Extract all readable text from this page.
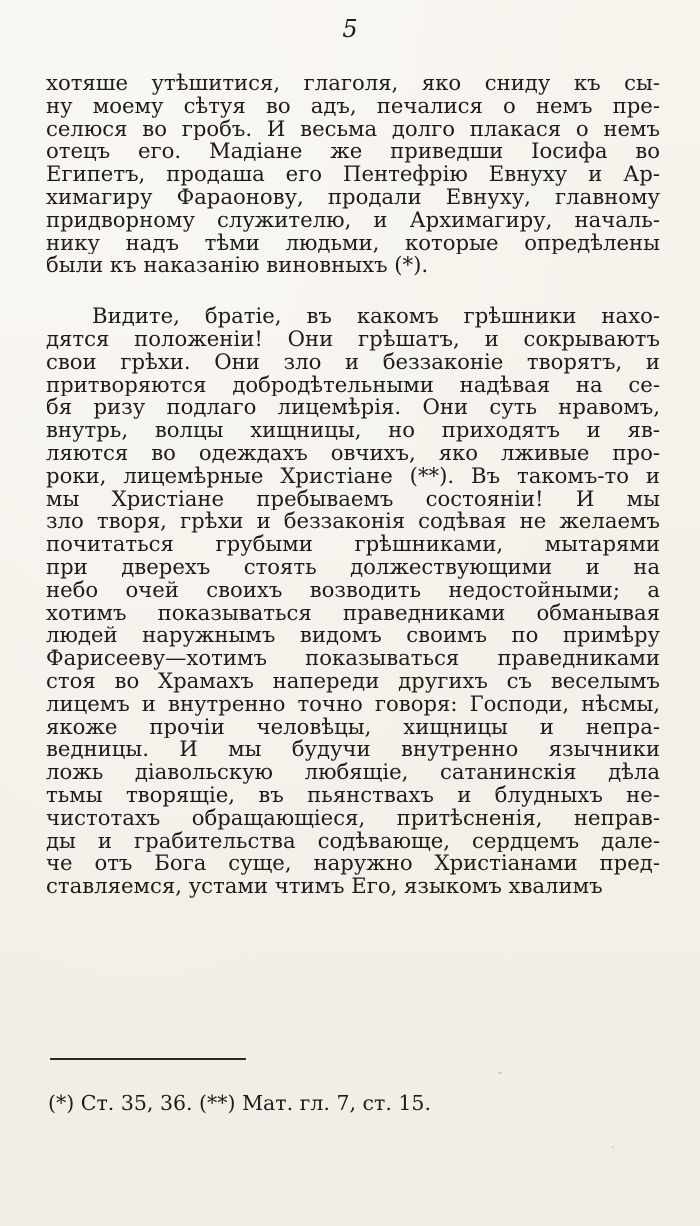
5
хотяше утѣшитися, глаголя, яко сниду къ сы-
ну моему сѣтуя во адъ, печалися о немъ пре-
селюся во гробъ. И весьма долго плакася о немъ
отецъ его. Мадіане же приведши Іосифа во
Египетъ, продаша его Пентефрію Евнуху и Ар-
химагиру Фараонову, продали Евнуху, главному
придворному служителю, и Архимагиру, началь-
нику надъ тѣми людьми, которые опредѣлены
были къ наказанію виновныхъ (*).
Видите, братіе, въ какомъ грѣшники нахо-
дятся положеніи! Они грѣшатъ, и сокрываютъ
свои грѣхи. Они зло и беззаконіе творятъ, и
притворяются добродѣтельными надѣвая на се-
бя ризу подлаго лицемѣрія. Они суть нравомъ,
внутрь, волцы хищницы, но приходятъ и яв-
ляются во одеждахъ овчихъ, яко лживые про-
роки, лицемѣрные Христіане (**). Въ такомъ-то и
мы Христіане пребываемъ состояніи! И мы
зло творя, грѣхи и беззаконія содѣвая не желаемъ
почитаться грубыми грѣшниками, мытарями
при дверехъ стоять должествующими и на
небо очей своихъ возводить недостойными; а
хотимъ показываться праведниками обманывая
людей наружнымъ видомъ своимъ по примѣру
Фарисееву—хотимъ показываться праведниками
стоя во Храмахъ напереди другихъ съ веселымъ
лицемъ и внутренно точно говоря: Господи, нѣсмы,
якоже прочіи человѣцы, хищницы и непра-
ведницы. И мы будучи внутренно язычники
ложь діавольскую любящіе, сатанинскія дѣла
тьмы творящіе, въ пьянствахъ и блудныхъ не-
чистотахъ обращающіеся, притѣсненія, неправ-
ды и грабительства содѣвающе, сердцемъ дале-
че отъ Бога суще, наружно Христіанами пред-
ставляемся, устами чтимъ Его, языкомъ хвалимъ
(*) Ст. 35, 36. (**) Мат. гл. 7, ст. 15.
